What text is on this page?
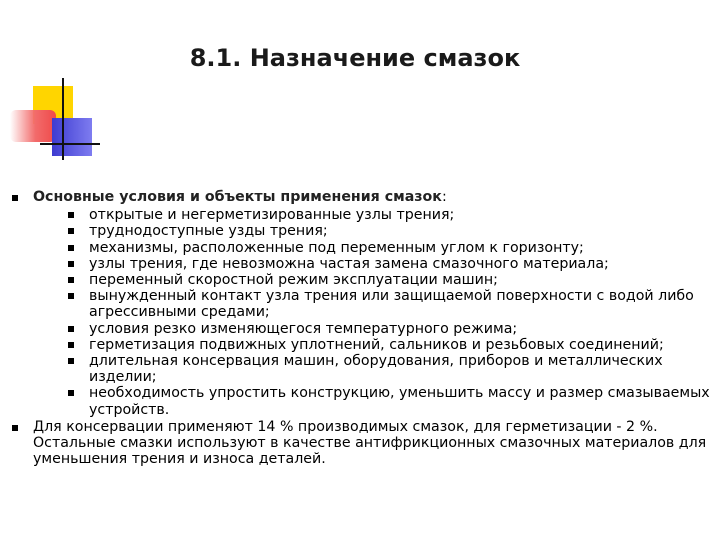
8.1. Назначение смазок
Основные условия и объекты применения смазок:
открытые и негерметизированные узлы трения;
труднодоступные узды трения;
механизмы, расположенные под переменным углом к горизонту;
узлы трения, где невозможна частая замена смазочного материала;
переменный скоростной режим эксплуатации машин;
вынужденный контакт узла трения или защищаемой поверхности с водой либо агрессивными средами;
условия резко изменяющегося температурного режима;
герметизация подвижных уплотнений, сальников и резьбовых соединений;
длительная консервация машин, оборудования, приборов и металлических изделии;
необходимость упростить конструкцию, уменьшить массу и размер смазываемых устройств.
Для консервации применяют 14 % производимых смазок, для герметизации - 2 %. Остальные смазки используют в качестве антифрикционных смазочных материалов для уменьшения трения и износа деталей.
